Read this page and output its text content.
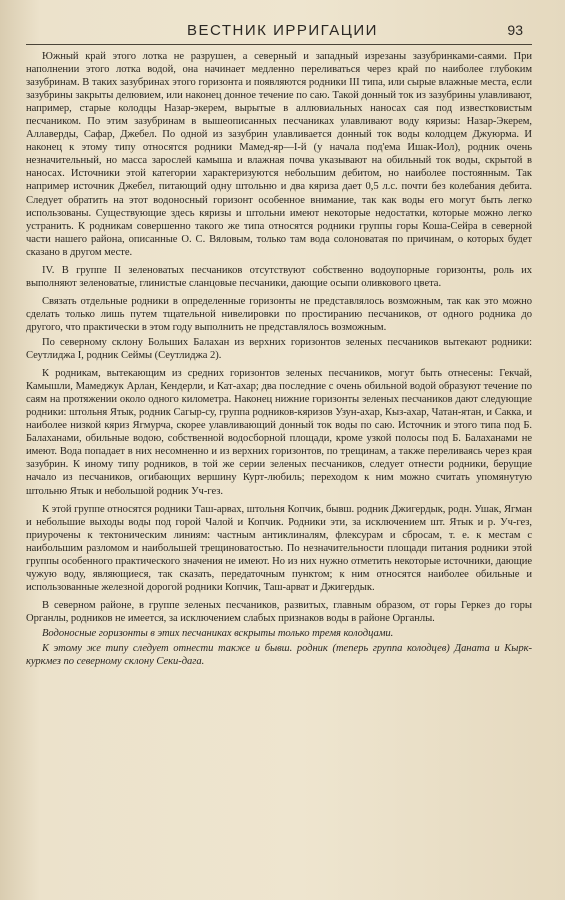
ВЕСТНИК ИРРИГАЦИИ	93

Южный край этого лотка не разрушен, а северный и западный изрезаны зазубринками-саями. При наполнении этого лотка водой, она начинает медленно переливаться через край по наиболее глубоким зазубринам. В таких зазубринах этого горизонта и появляются родники III типа, или сырые влажные места, если зазубрины закрыты делювием, или наконец донное течение по саю. Такой донный ток из зазубрины улавливают, например, старые колодцы Назар-экерем, вырытые в аллювиальных наносах сая под известковистым песчаником. По этим зазубринам в вышеописанных песчаниках улавливают воду кяризы: Назар-Экерем, Аллаверды, Сафар, Джебел. По одной из зазубрин улавливается донный ток воды колодцем Джуюрма. И наконец к этому типу относятся родники Мамед-яр—I-й (у начала под'ема Ишак-Иол), родник очень незначительный, но масса зарослей камыша и влажная почва указывают на обильный ток воды, скрытой в наносах. Источники этой категории характеризуются небольшим дебитом, но наиболее постоянным. Так например источник Джебел, питающий одну штольню и два кяриза дает 0,5 л.с. почти без колебания дебита. Следует обратить на этот водоносный горизонт особенное внимание, так как воды его могут быть легко использованы. Существующие здесь кяризы и штольни имеют некоторые недостатки, которые можно легко устранить. К родникам совершенно такого же типа относятся родники группы горы Коша-Сейра в северной части нашего района, описанные О. С. Вяловым, только там вода солоноватая по причинам, о которых будет сказано в другом месте.

IV. В группе II зеленоватых песчаников отсутствуют собственно водоупорные горизонты, роль их выполняют зеленоватые, глинистые сланцовые песчаники, дающие осыпи оливкового цвета.

Связать отдельные родники в определенные горизонты не представлялось возможным, так как это можно сделать только лишь путем тщательной нивелировки по простиранию песчаников, от одного родника до другого, что практически в этом году выполнить не представлялось возможным.

По северному склону Больших Балахан из верхних горизонтов зеленых песчаников вытекают родники: Сеутлиджа I, родник Сеймы (Сеутлиджа 2).

К родникам, вытекающим из средних горизонтов зеленых песчаников, могут быть отнесены: Гекчай, Камышли, Мамеджук Арлан, Кендерли, и Кат-ахар; два последние с очень обильной водой образуют течение по саям на протяжении около одного километра. Наконец нижние горизонты зеленых песчаников дают следующие родники: штольня Ятык, родник Сагыр-су, группа родников-кяризов Узун-ахар, Кыз-ахар, Чатан-ятан, и Сакка, и наиболее низкой кяриз Ягмурча, скорее улавливающий донный ток воды по саю. Источник и этого типа под Б. Балаханами, обильные водою, собственной водосборной площади, кроме узкой полосы под Б. Балаханами не имеют. Вода попадает в них несомненно и из верхних горизонтов, по трещинам, а также переливаясь через края зазубрин. К иному типу родников, в той же серии зеленых песчаников, следует отнести родники, берущие начало из песчаников, огибающих вершину Курт-любиль; переходом к ним можно считать упомянутую штольню Ятык и небольшой родник Уч-гез.

К этой группе относятся родники Таш-арвах, штольня Копчик, бывш. родник Джигердык, родн. Ушак, Ягман и небольшие выходы воды под горой Чалой и Копчик. Родники эти, за исключением шт. Ятык и р. Уч-гез, приурочены к тектоническим линиям: частным антиклиналям, флексурам и сбросам, т. е. к местам с наибольшим разломом и наибольшей трещиноватостью. По незначительности площади питания родники этой группы особенного практического значения не имеют. Но из них нужно отметить некоторые источники, дающие чужую воду, являющиеся, так сказать, передаточным пунктом; к ним относятся наиболее обильные и использованные железной дорогой родники Копчик, Таш-арват и Джигердык.

В северном районе, в группе зеленых песчаников, развитых, главным образом, от горы Геркез до горы Органлы, родников не имеется, за исключением слабых признаков воды в районе Органлы.

Водоносные горизонты в этих песчаниках вскрыты только тремя колодцами.

К этому же типу следует отнести также и бывш. родник (теперь группа колодцев) Даната и Кырк-куркмез по северному склону Секи-дага.
